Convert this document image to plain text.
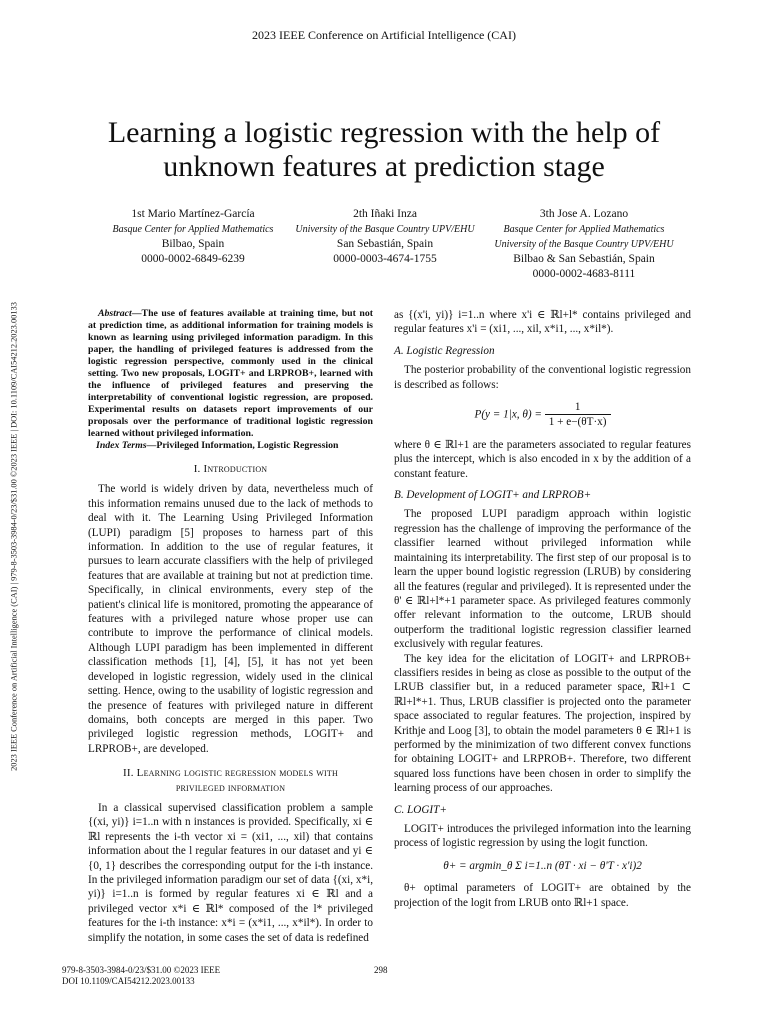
2023 IEEE Conference on Artificial Intelligence (CAI)
2023 IEEE Conference on Artificial Intelligence (CAI) | 979-8-3503-3984-0/23/$31.00 ©2023 IEEE | DOI: 10.1109/CAI54212.2023.00133
Learning a logistic regression with the help of
unknown features at prediction stage
1st Mario Martínez-García
Basque Center for Applied Mathematics
Bilbao, Spain
0000-0002-6849-6239
2th Iñaki Inza
University of the Basque Country UPV/EHU
San Sebastián, Spain
0000-0003-4674-1755
3th Jose A. Lozano
Basque Center for Applied Mathematics
University of the Basque Country UPV/EHU
Bilbao & San Sebastián, Spain
0000-0002-4683-8111

Abstract—The use of features available at training time, but not at prediction time, as additional information for training models is known as learning using privileged information paradigm. In this paper, the handling of privileged features is addressed from the logistic regression perspective, commonly used in the clinical setting. Two new proposals, LOGIT+ and LRPROB+, learned with the influence of privileged features and preserving the interpretability of conventional logistic regression, are proposed. Experimental results on datasets report improvements of our proposals over the performance of traditional logistic regression learned without privileged information.

Index Terms—Privileged Information, Logistic Regression

I. Introduction

The world is widely driven by data, nevertheless much of this information remains unused due to the lack of methods to deal with it. The Learning Using Privileged Information (LUPI) paradigm [5] proposes to harness part of this information. In addition to the use of regular features, it pursues to learn accurate classifiers with the help of privileged features that are available at training but not at prediction time. Specifically, in clinical environments, every step of the patient's clinical life is monitored, promoting the appearance of features with a privileged nature whose proper use can contribute to improve the performance of clinical models. Although LUPI paradigm has been implemented in different classification methods [1], [4], [5], it has not yet been developed in logistic regression, widely used in the clinical setting. Hence, owing to the usability of logistic regression and the presence of features with privileged nature in different domains, both concepts are merged in this paper. Two privileged logistic regression methods, LOGIT+ and LRPROB+, are developed.

II. Learning logistic regression models with
privileged information

In a classical supervised classification problem a sample {(xi, yi)} i=1..n with n instances is provided. Specifically, xi ∈ ℝl represents the i-th vector xi = (xi1, ..., xil) that contains information about the l regular features in our dataset and yi ∈ {0, 1} describes the corresponding output for the i-th instance. In the privileged information paradigm our set of data {(xi, x*i, yi)} i=1..n is formed by regular features xi ∈ ℝl and a privileged vector x*i ∈ ℝl* composed of the l* privileged features for the i-th instance: x*i = (x*i1, ..., x*il*). In order to simplify the notation, in some cases the set of data is redefined

as {(x'i, yi)} i=1..n where x'i ∈ ℝl+l* contains privileged and regular features x'i = (xi1, ..., xil, x*i1, ..., x*il*).

A. Logistic Regression

The posterior probability of the conventional logistic regression is described as follows:

P(y = 1|x, $\theta) = \frac{1}{1 + e-(\theta T\cdot x)}$

where θ ∈ ℝl+1 are the parameters associated to regular features plus the intercept, which is also encoded in x by the addition of a constant feature.

B. Development of LOGIT+ and LRPROB+

The proposed LUPI paradigm approach within logistic regression has the challenge of improving the performance of the classifier learned without privileged information while maintaining its interpretability. The first step of our proposal is to learn the upper bound logistic regression (LRUB) by considering all the features (regular and privileged). It is represented under the θ' ∈ ℝl+l*+1 parameter space. As privileged features commonly offer relevant information to the outcome, LRUB should outperform the traditional logistic regression classifier learned exclusively with regular features.

The key idea for the elicitation of LOGIT+ and LRPROB+ classifiers resides in being as close as possible to the output of the LRUB classifier but, in a reduced parameter space, ℝl+1 ⊂ ℝl+l*+1. Thus, LRUB classifier is projected onto the parameter space associated to regular features. The projection, inspired by Krithje and Loog [3], to obtain the model parameters θ ∈ ℝl+1 is performed by the minimization of two different convex functions for obtaining LOGIT+ and LRPROB+. Therefore, two different squared loss functions have been chosen in order to simplify the learning process of our approaches.

C. LOGIT+

LOGIT+ introduces the privileged information into the learning process of logistic regression by using the logit function.

θ+ = argmin_θ Σ i=1..n (θT · xi − θ'T · x'i)2

θ+ optimal parameters of LOGIT+ are obtained by the projection of the logit from LRUB onto ℝl+1 space.

979-8-3503-3984-0/23/$31.00 ©2023 IEEE
DOI 10.1109/CAI54212.2023.00133
298
